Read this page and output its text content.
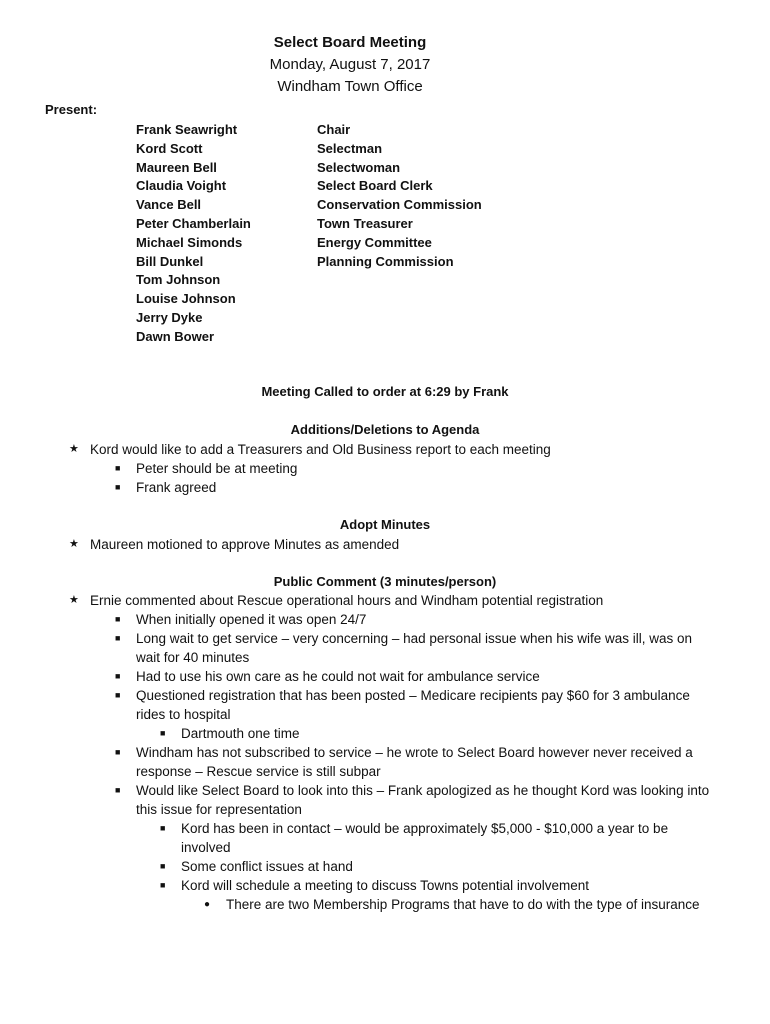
Select Board Meeting
Monday, August 7, 2017
Windham Town Office
Present:
Frank Seawright	Chair
Kord Scott	Selectman
Maureen Bell	Selectwoman
Claudia Voight	Select Board Clerk
Vance Bell	Conservation Commission
Peter Chamberlain	Town Treasurer
Michael Simonds	Energy Committee
Bill Dunkel	Planning Commission
Tom Johnson
Louise Johnson
Jerry Dyke
Dawn Bower
Meeting Called to order at 6:29 by Frank
Additions/Deletions to Agenda
★ Kord would like to add a Treasurers and Old Business report to each meeting
■ Peter should be at meeting
■ Frank agreed
Adopt Minutes
★ Maureen motioned to approve Minutes as amended
Public Comment (3 minutes/person)
★ Ernie commented about Rescue operational hours and Windham potential registration
■ When initially opened it was open 24/7
■ Long wait to get service – very concerning – had personal issue when his wife was ill, was on
wait for 40 minutes
■ Had to use his own care as he could not wait for ambulance service
■ Questioned registration that has been posted – Medicare recipients pay $60 for 3 ambulance
rides to hospital
■ Dartmouth one time
■ Windham has not subscribed to service – he wrote to Select Board however never received a
response – Rescue service is still subpar
■ Would like Select Board to look into this – Frank apologized as he thought Kord was looking into
this issue for representation
■ Kord has been in contact – would be approximately $5,000 - $10,000 a year to be
involved
■ Some conflict issues at hand
■ Kord will schedule a meeting to discuss Towns potential involvement
● There are two Membership Programs that have to do with the type of insurance
